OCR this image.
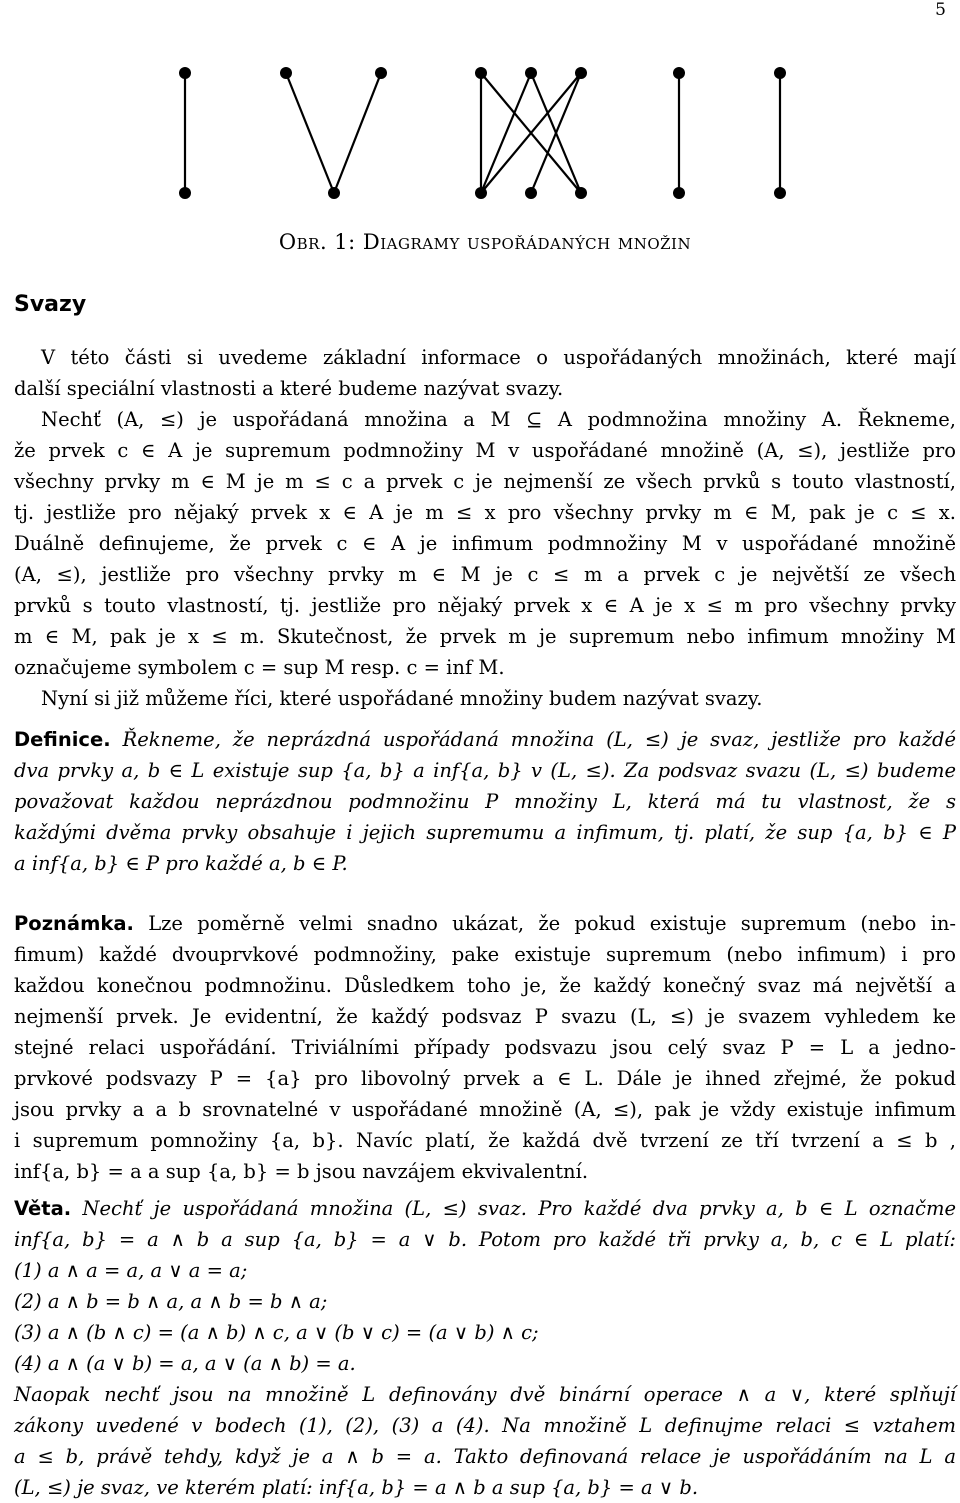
5
Obr. 1: Diagramy uspořádaných množin
Svazy
V této části si uvedeme základní informace o uspořádaných množinách, které mají
další speciální vlastnosti a které budeme nazývat svazy.
Nechť (A, ≤) je uspořádaná množina a M ⊆ A podmnožina množiny A. Řekneme,
že prvek c ∈ A je supremum podmnožiny M v uspořádané množině (A, ≤), jestliže pro
všechny prvky m ∈ M je m ≤ c a prvek c je nejmenší ze všech prvků s touto vlastností,
tj. jestliže pro nějaký prvek x ∈ A je m ≤ x pro všechny prvky m ∈ M, pak je c ≤ x.
Duálně definujeme, že prvek c ∈ A je infimum podmnožiny M v uspořádané množině
(A, ≤), jestliže pro všechny prvky m ∈ M je c ≤ m a prvek c je největší ze všech
prvků s touto vlastností, tj. jestliže pro nějaký prvek x ∈ A je x ≤ m pro všechny prvky
m ∈ M, pak je x ≤ m. Skutečnost, že prvek m je supremum nebo infimum množiny M
označujeme symbolem c = sup M resp. c = inf M.
Nyní si již můžeme říci, které uspořádané množiny budem nazývat svazy.
Definice. Řekneme, že neprázdná uspořádaná množina (L, ≤) je svaz, jestliže pro každé
dva prvky a, b ∈ L existuje sup {a, b} a inf{a, b} v (L, ≤). Za podsvaz svazu (L, ≤) budeme
považovat každou neprázdnou podmnožinu P množiny L, která má tu vlastnost, že s
každými dvěma prvky obsahuje i jejich supremumu a infimum, tj. platí, že sup {a, b} ∈ P
a inf{a, b} ∈ P pro každé a, b ∈ P.
Poznámka. Lze poměrně velmi snadno ukázat, že pokud existuje supremum (nebo in-
fimum) každé dvouprvkové podmnožiny, pake existuje supremum (nebo infimum) i pro
každou konečnou podmnožinu. Důsledkem toho je, že každý konečný svaz má největší a
nejmenší prvek. Je evidentní, že každý podsvaz P svazu (L, ≤) je svazem vyhledem ke
stejné relaci uspořádání. Triviálními případy podsvazu jsou celý svaz P = L a jedno-
prvkové podsvazy P = {a} pro libovolný prvek a ∈ L. Dále je ihned zřejmé, že pokud
jsou prvky a a b srovnatelné v uspořádané množině (A, ≤), pak je vždy existuje infimum
i supremum pomnožiny {a, b}. Navíc platí, že každá dvě tvrzení ze tří tvrzení a ≤ b ,
inf{a, b} = a a sup {a, b} = b jsou navzájem ekvivalentní.
Věta. Nechť je uspořádaná množina (L, ≤) svaz. Pro každé dva prvky a, b ∈ L označme
inf{a, b} = a ∧ b a sup {a, b} = a ∨ b. Potom pro každé tři prvky a, b, c ∈ L platí:
(1) a ∧ a = a, a ∨ a = a;
(2) a ∧ b = b ∧ a, a ∧ b = b ∧ a;
(3) a ∧ (b ∧ c) = (a ∧ b) ∧ c, a ∨ (b ∨ c) = (a ∨ b) ∧ c;
(4) a ∧ (a ∨ b) = a, a ∨ (a ∧ b) = a.
Naopak nechť jsou na množině L definovány dvě binární operace ∧ a ∨, které splňují
zákony uvedené v bodech (1), (2), (3) a (4). Na množině L definujme relaci ≤ vztahem
a ≤ b, právě tehdy, když je a ∧ b = a. Takto definovaná relace je uspořádáním na L a
(L, ≤) je svaz, ve kterém platí: inf{a, b} = a ∧ b a sup {a, b} = a ∨ b.
